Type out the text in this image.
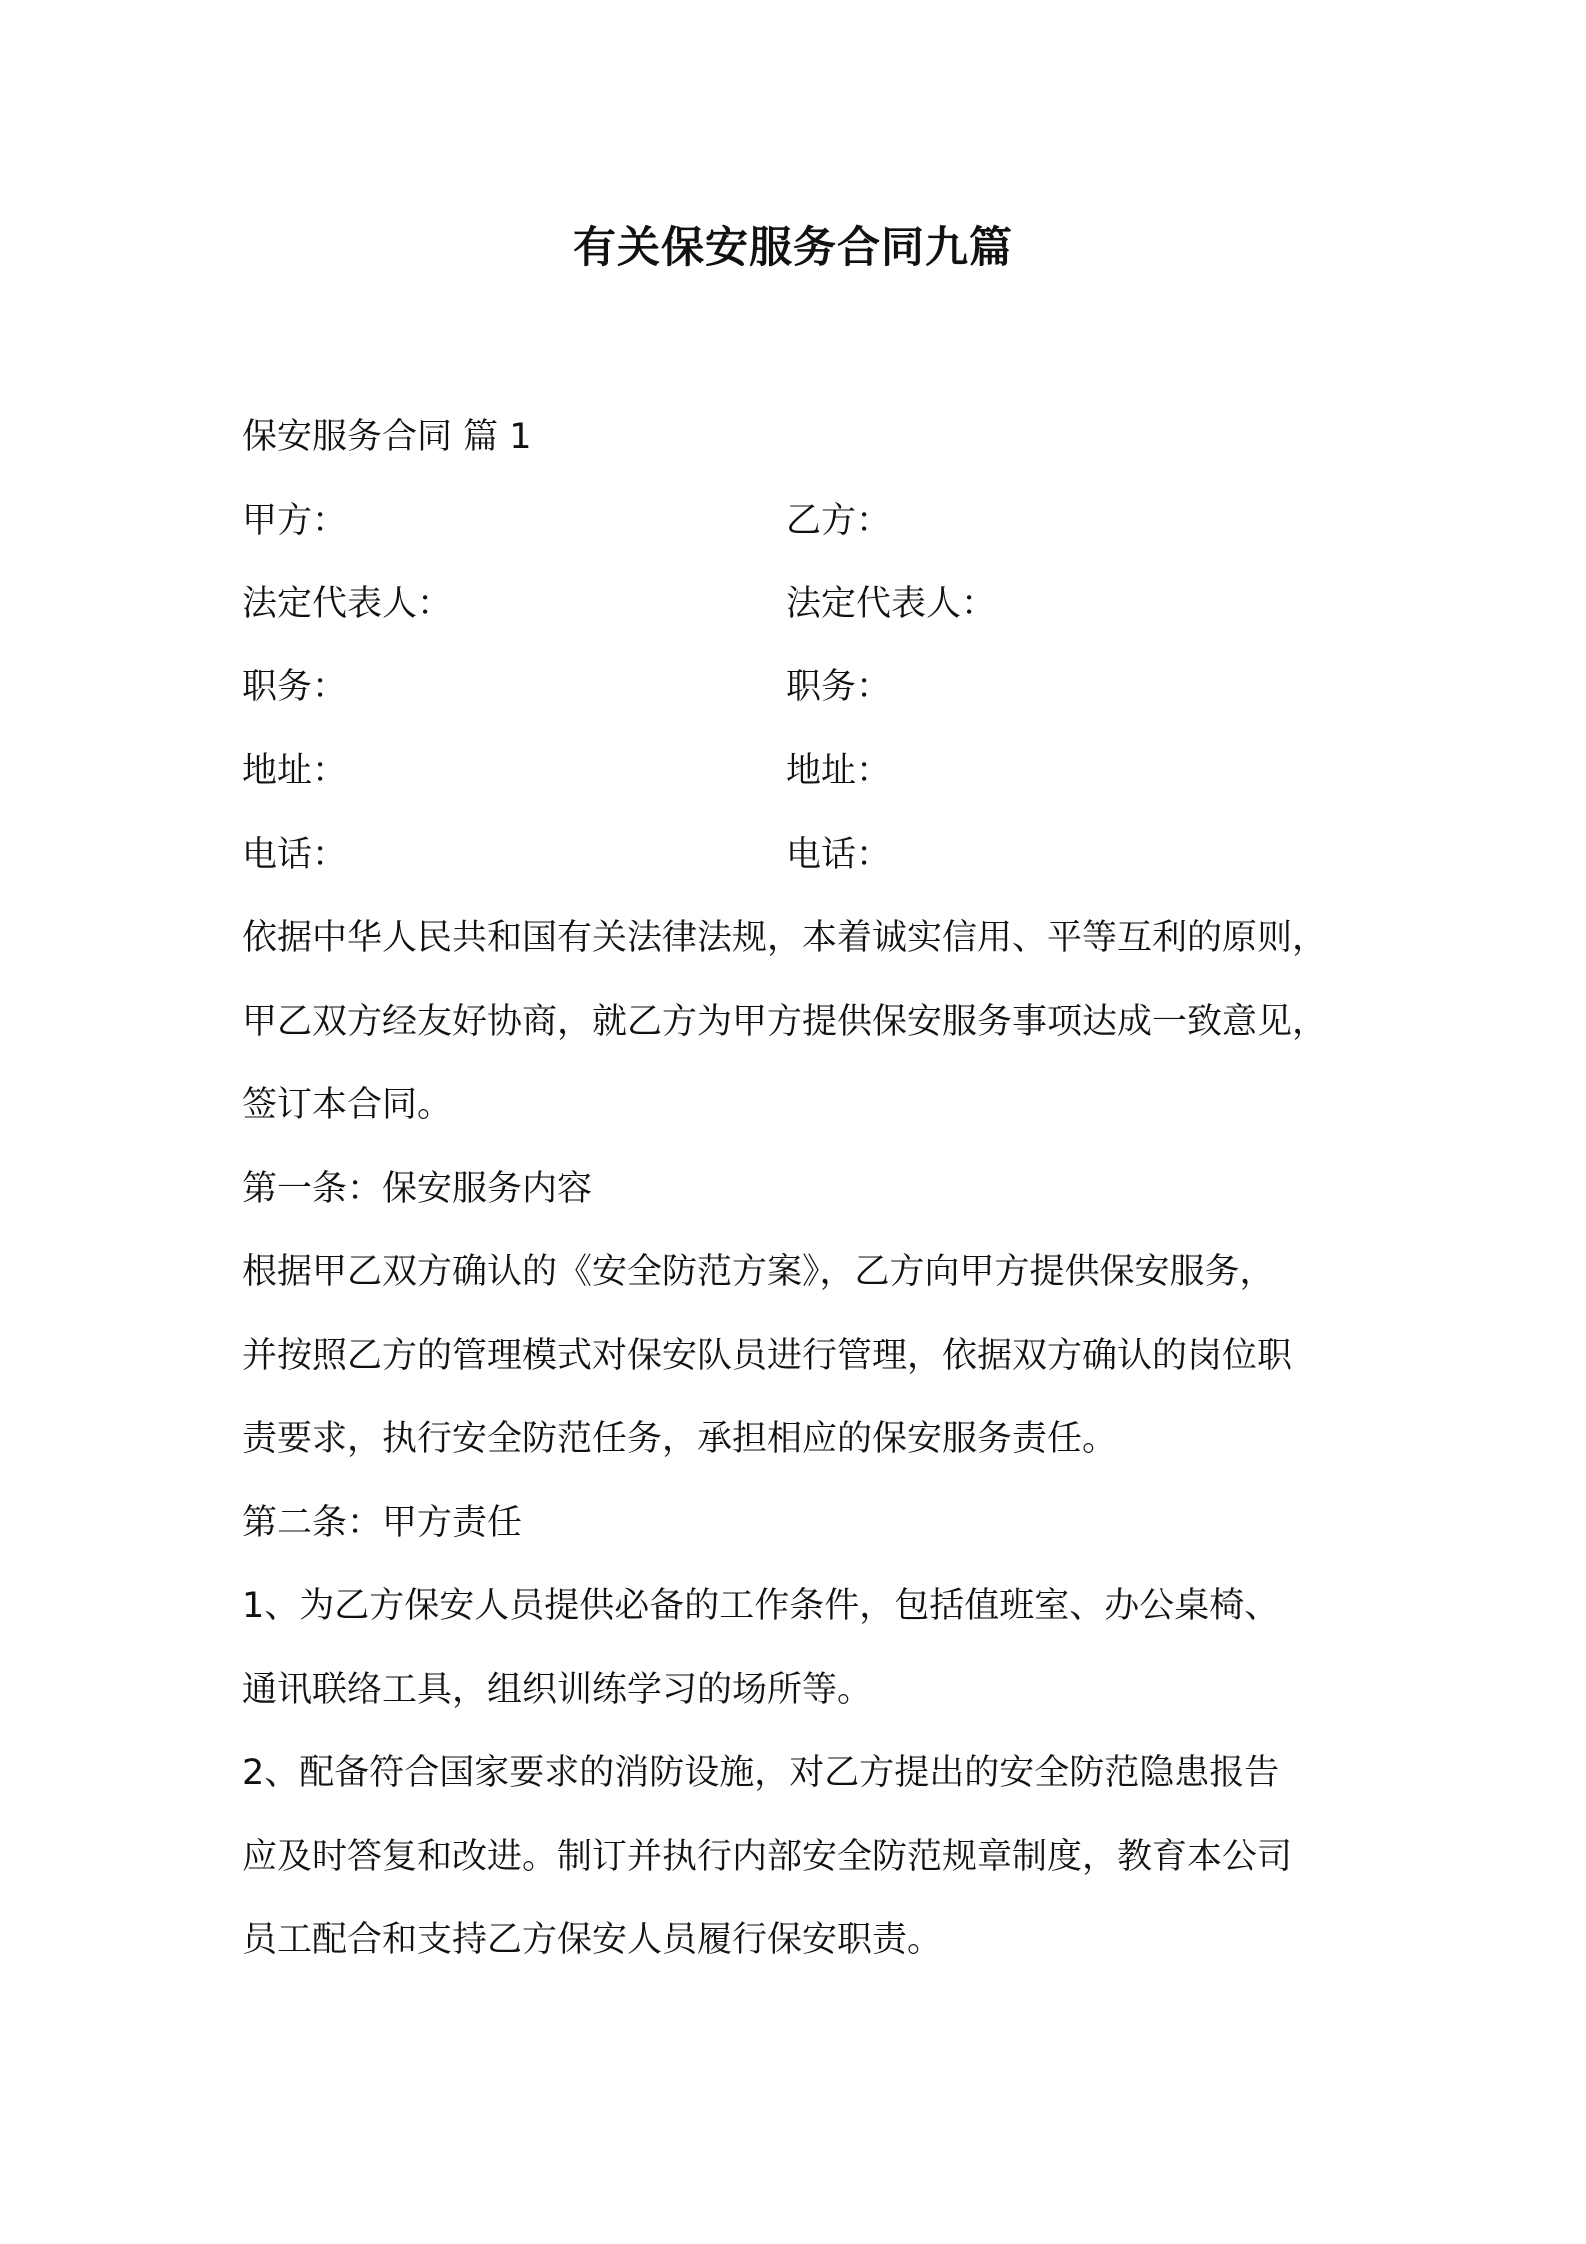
有关保安服务合同九篇
保安服务合同 篇 1
甲方：	乙方：
法定代表人：	法定代表人：
职务：	职务：
地址：	地址：
电话：	电话：
依据中华人民共和国有关法律法规，本着诚实信用、平等互利的原则，
甲乙双方经友好协商，就乙方为甲方提供保安服务事项达成一致意见，
签订本合同。
第一条：保安服务内容
根据甲乙双方确认的《安全防范方案》，乙方向甲方提供保安服务，
并按照乙方的管理模式对保安队员进行管理，依据双方确认的岗位职
责要求，执行安全防范任务，承担相应的保安服务责任。
第二条：甲方责任
1、为乙方保安人员提供必备的工作条件，包括值班室、办公桌椅、
通讯联络工具，组织训练学习的场所等。
2、配备符合国家要求的消防设施，对乙方提出的安全防范隐患报告
应及时答复和改进。制订并执行内部安全防范规章制度，教育本公司
员工配合和支持乙方保安人员履行保安职责。
